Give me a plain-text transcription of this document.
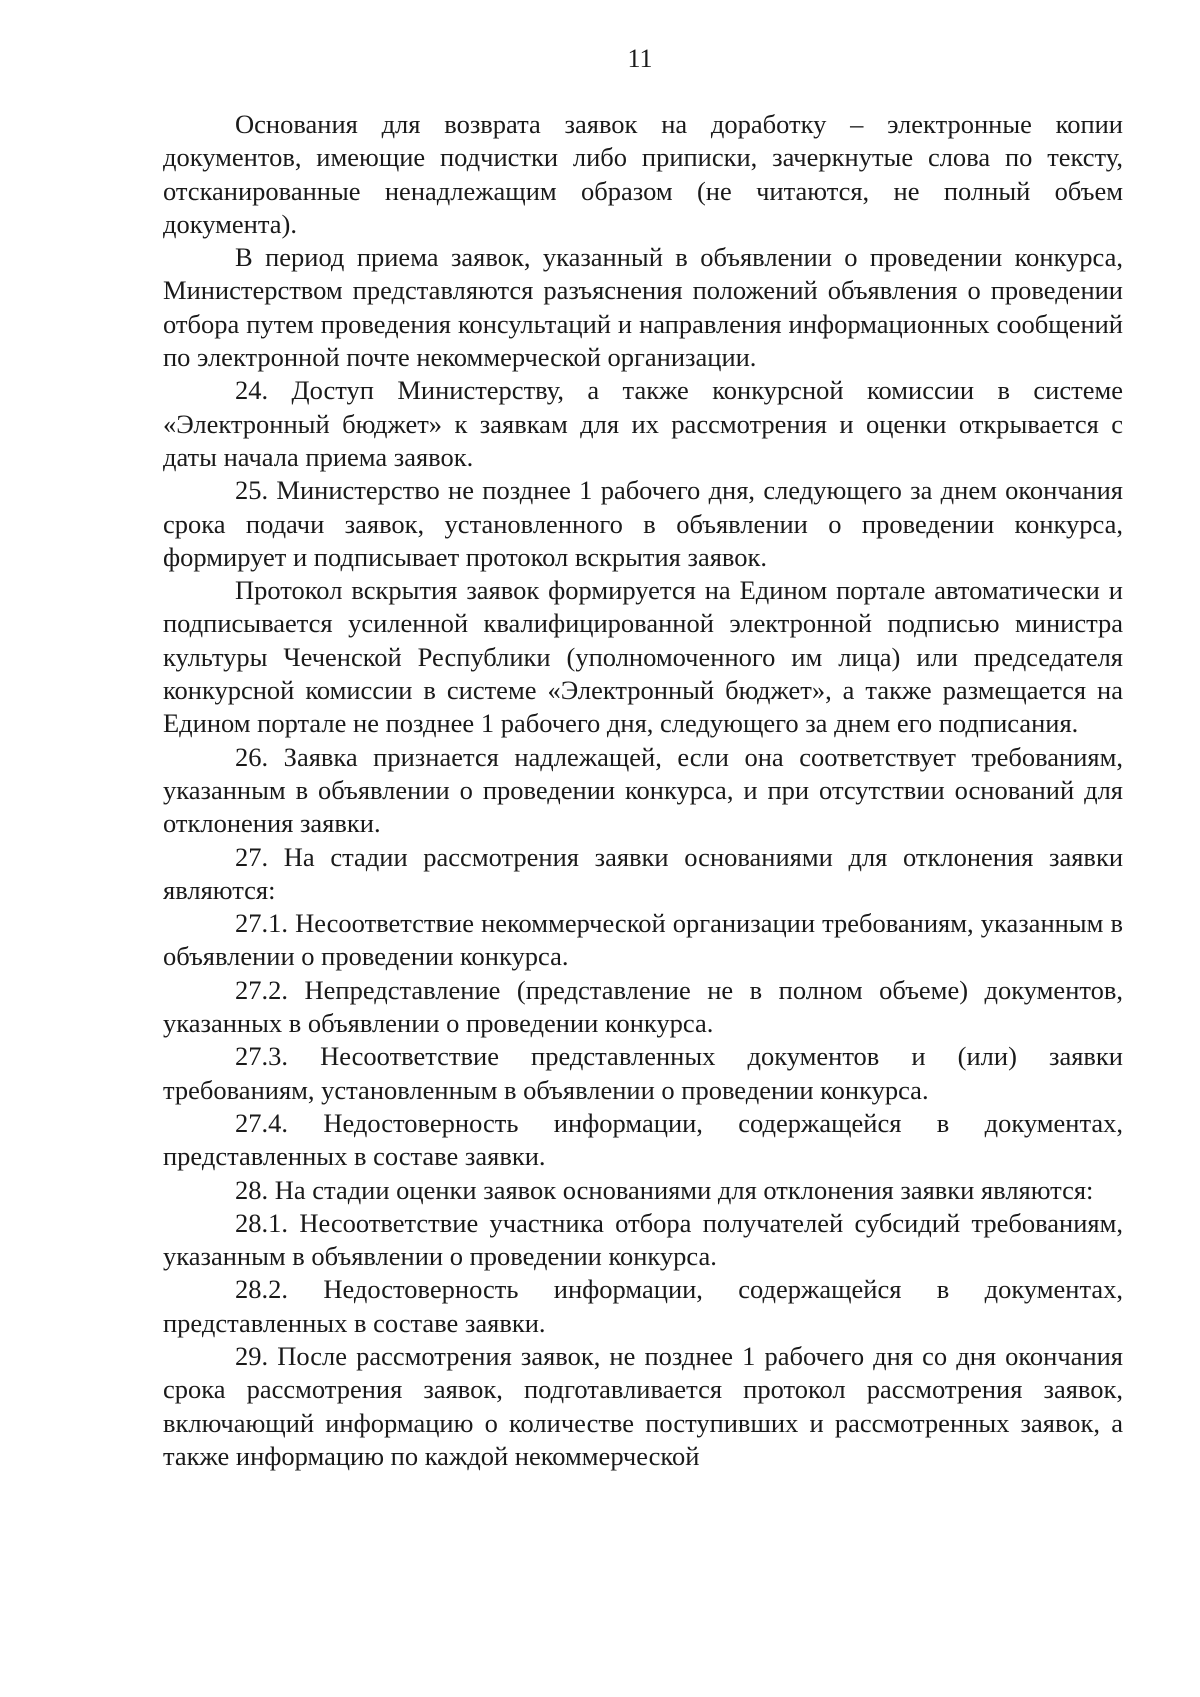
11

Основания для возврата заявок на доработку – электронные копии документов, имеющие подчистки либо приписки, зачеркнутые слова по тексту, отсканированные ненадлежащим образом (не читаются, не полный объем документа).

В период приема заявок, указанный в объявлении о проведении конкурса, Министерством представляются разъяснения положений объявления о проведении отбора путем проведения консультаций и направления информационных сообщений по электронной почте некоммерческой организации.

24. Доступ Министерству, а также конкурсной комиссии в системе «Электронный бюджет» к заявкам для их рассмотрения и оценки открывается с даты начала приема заявок.

25. Министерство не позднее 1 рабочего дня, следующего за днем окончания срока подачи заявок, установленного в объявлении о проведении конкурса, формирует и подписывает протокол вскрытия заявок.

Протокол вскрытия заявок формируется на Едином портале автоматически и подписывается усиленной квалифицированной электронной подписью министра культуры Чеченской Республики (уполномоченного им лица) или председателя конкурсной комиссии в системе «Электронный бюджет», а также размещается на Едином портале не позднее 1 рабочего дня, следующего за днем его подписания.

26. Заявка признается надлежащей, если она соответствует требованиям, указанным в объявлении о проведении конкурса, и при отсутствии оснований для отклонения заявки.

27. На стадии рассмотрения заявки основаниями для отклонения заявки являются:

27.1. Несоответствие некоммерческой организации требованиям, указанным в объявлении о проведении конкурса.

27.2. Непредставление (представление не в полном объеме) документов, указанных в объявлении о проведении конкурса.

27.3. Несоответствие представленных документов и (или) заявки требованиям, установленным в объявлении о проведении конкурса.

27.4. Недостоверность информации, содержащейся в документах, представленных в составе заявки.

28. На стадии оценки заявок основаниями для отклонения заявки являются:

28.1. Несоответствие участника отбора получателей субсидий требованиям, указанным в объявлении о проведении конкурса.

28.2. Недостоверность информации, содержащейся в документах, представленных в составе заявки.

29. После рассмотрения заявок, не позднее 1 рабочего дня со дня окончания срока рассмотрения заявок, подготавливается протокол рассмотрения заявок, включающий информацию о количестве поступивших и рассмотренных заявок, а также информацию по каждой некоммерческой
